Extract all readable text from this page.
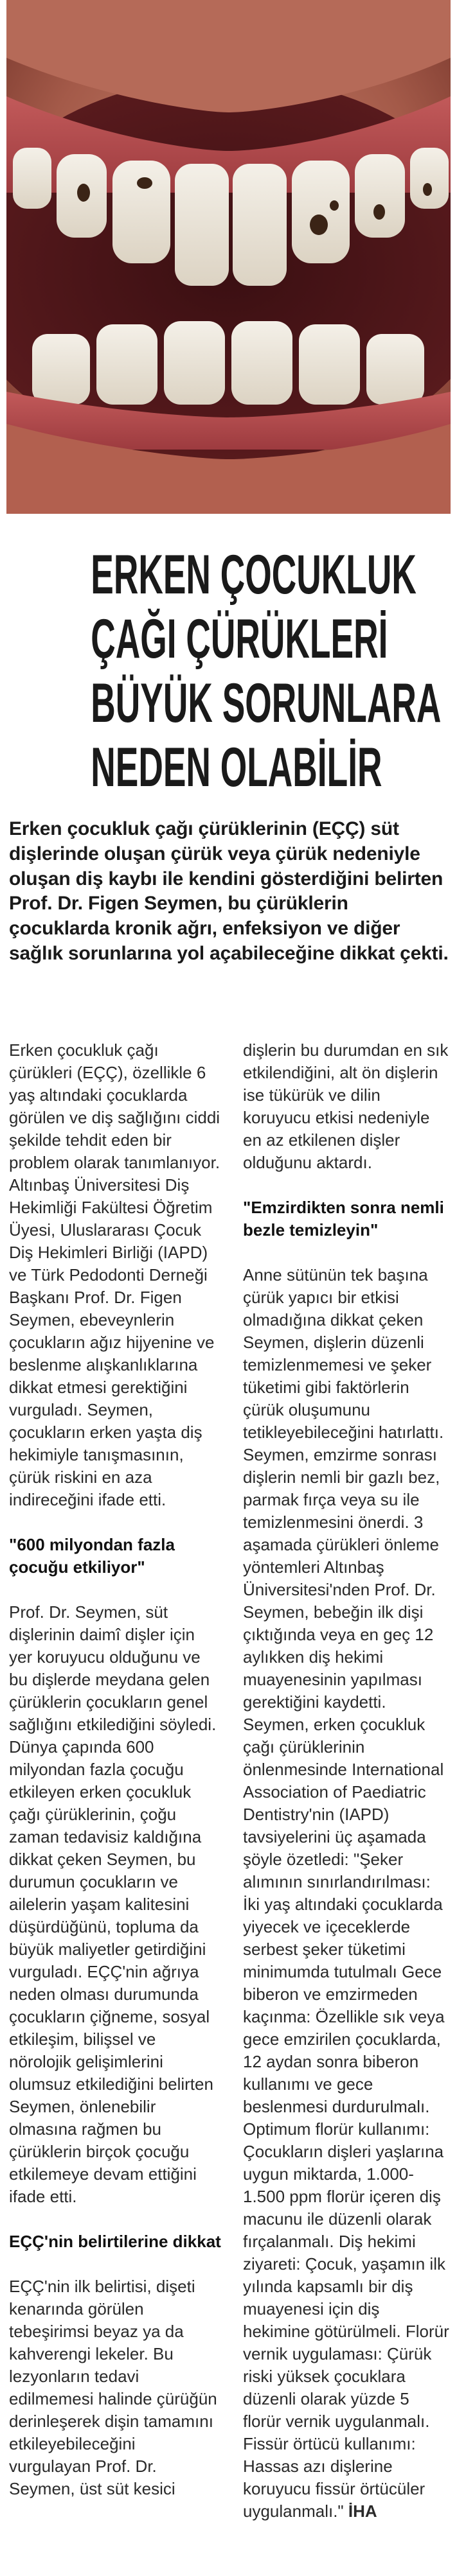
ERKEN ÇOCUKLUK
ÇAĞI ÇÜRÜKLERİ
BÜYÜK SORUNLARA
NEDEN OLABİLİR

Erken çocukluk çağı çürüklerinin (EÇÇ) süt dişlerinde oluşan çürük veya çürük nedeniyle oluşan diş kaybı ile kendini gösterdiğini belirten Prof. Dr. Figen Seymen, bu çürüklerin çocuklarda kronik ağrı, enfeksiyon ve diğer sağlık sorunlarına yol açabileceğine dikkat çekti.

Erken çocukluk çağı çürükleri (EÇÇ), özellikle 6 yaş altındaki çocuklarda görülen ve diş sağlığını ciddi şekilde tehdit eden bir problem olarak tanımlanıyor. Altınbaş Üniversitesi Diş Hekimliği Fakültesi Öğretim Üyesi, Uluslararası Çocuk Diş Hekimleri Birliği (IAPD) ve Türk Pedodonti Derneği Başkanı Prof. Dr. Figen Seymen, ebeveynlerin çocukların ağız hijyenine ve beslenme alışkanlıklarına dikkat etmesi gerektiğini vurguladı. Seymen, çocukların erken yaşta diş hekimiyle tanışmasının, çürük riskini en aza indireceğini ifade etti.

"600 milyondan fazla çocuğu etkiliyor"

Prof. Dr. Seymen, süt dişlerinin daimî dişler için yer koruyucu olduğunu ve bu dişlerde meydana gelen çürüklerin çocukların genel sağlığını etkilediğini söyledi. Dünya çapında 600 milyondan fazla çocuğu etkileyen erken çocukluk çağı çürüklerinin, çoğu zaman tedavisiz kaldığına dikkat çeken Seymen, bu durumun çocukların ve ailelerin yaşam kalitesini düşürdüğünü, topluma da büyük maliyetler getirdiğini vurguladı. EÇÇ'nin ağrıya neden olması durumunda çocukların çiğneme, sosyal etkileşim, bilişsel ve nörolojik gelişimlerini olumsuz etkilediğini belirten Seymen, önlenebilir olmasına rağmen bu çürüklerin birçok çocuğu etkilemeye devam ettiğini ifade etti.

EÇÇ'nin belirtilerine dikkat

EÇÇ'nin ilk belirtisi, dişeti kenarında görülen tebeşirimsi beyaz ya da kahverengi lekeler. Bu lezyonların tedavi edilmemesi halinde çürüğün derinleşerek dişin tamamını etkileyebileceğini vurgulayan Prof. Dr. Seymen, üst süt kesici

dişlerin bu durumdan en sık etkilendiğini, alt ön dişlerin ise tükürük ve dilin koruyucu etkisi nedeniyle en az etkilenen dişler olduğunu aktardı.

"Emzirdikten sonra nemli bezle temizleyin"

Anne sütünün tek başına çürük yapıcı bir etkisi olmadığına dikkat çeken Seymen, dişlerin düzenli temizlenmemesi ve şeker tüketimi gibi faktörlerin çürük oluşumunu tetikleyebileceğini hatırlattı. Seymen, emzirme sonrası dişlerin nemli bir gazlı bez, parmak fırça veya su ile temizlenmesini önerdi. 3 aşamada çürükleri önleme yöntemleri Altınbaş Üniversitesi'nden Prof. Dr. Seymen, bebeğin ilk dişi çıktığında veya en geç 12 aylıkken diş hekimi muayenesinin yapılması gerektiğini kaydetti. Seymen, erken çocukluk çağı çürüklerinin önlenmesinde International Association of Paediatric Dentistry'nin (IAPD) tavsiyelerini üç aşamada şöyle özetledi: "Şeker alımının sınırlandırılması: İki yaş altındaki çocuklarda yiyecek ve içeceklerde serbest şeker tüketimi minimumda tutulmalı Gece biberon ve emzirmeden kaçınma: Özellikle sık veya gece emzirilen çocuklarda, 12 aydan sonra biberon kullanımı ve gece beslenmesi durdurulmalı. Optimum florür kullanımı: Çocukların dişleri yaşlarına uygun miktarda, 1.000-1.500 ppm florür içeren diş macunu ile düzenli olarak fırçalanmalı. Diş hekimi ziyareti: Çocuk, yaşamın ilk yılında kapsamlı bir diş muayenesi için diş hekimine götürülmeli. Florür vernik uygulaması: Çürük riski yüksek çocuklara düzenli olarak yüzde 5 florür vernik uygulanmalı. Fissür örtücü kullanımı: Hassas azı dişlerine koruyucu fissür örtücüler uygulanmalı." İHA
